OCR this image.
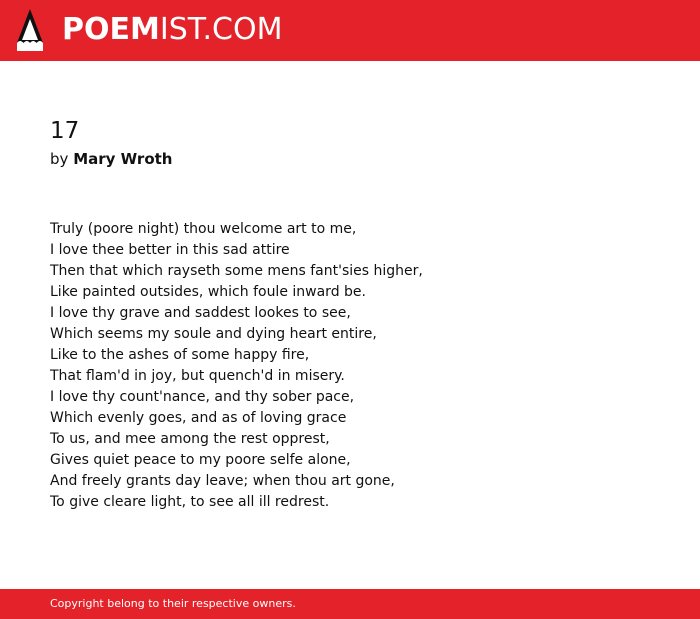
POEMIST.COM
17
by Mary Wroth
Truly (poore night) thou welcome art to me,
I love thee better in this sad attire
Then that which rayseth some mens fant'sies higher,
Like painted outsides, which foule inward be.
I love thy grave and saddest lookes to see,
Which seems my soule and dying heart entire,
Like to the ashes of some happy fire,
That flam'd in joy, but quench'd in misery.
I love thy count'nance, and thy sober pace,
Which evenly goes, and as of loving grace
To us, and mee among the rest opprest,
Gives quiet peace to my poore selfe alone,
And freely grants day leave; when thou art gone,
To give cleare light, to see all ill redrest.
Copyright belong to their respective owners.
